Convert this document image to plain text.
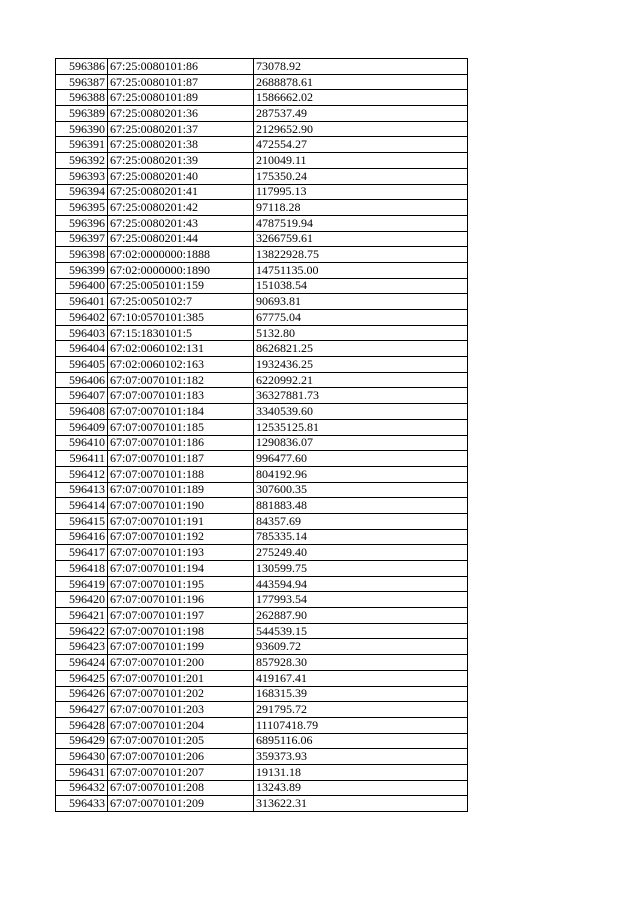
596386	67:25:0080101:86	73078.92
596387	67:25:0080101:87	2688878.61
596388	67:25:0080101:89	1586662.02
596389	67:25:0080201:36	287537.49
596390	67:25:0080201:37	2129652.90
596391	67:25:0080201:38	472554.27
596392	67:25:0080201:39	210049.11
596393	67:25:0080201:40	175350.24
596394	67:25:0080201:41	117995.13
596395	67:25:0080201:42	97118.28
596396	67:25:0080201:43	4787519.94
596397	67:25:0080201:44	3266759.61
596398	67:02:0000000:1888	13822928.75
596399	67:02:0000000:1890	14751135.00
596400	67:25:0050101:159	151038.54
596401	67:25:0050102:7	90693.81
596402	67:10:0570101:385	67775.04
596403	67:15:1830101:5	5132.80
596404	67:02:0060102:131	8626821.25
596405	67:02:0060102:163	1932436.25
596406	67:07:0070101:182	6220992.21
596407	67:07:0070101:183	36327881.73
596408	67:07:0070101:184	3340539.60
596409	67:07:0070101:185	12535125.81
596410	67:07:0070101:186	1290836.07
596411	67:07:0070101:187	996477.60
596412	67:07:0070101:188	804192.96
596413	67:07:0070101:189	307600.35
596414	67:07:0070101:190	881883.48
596415	67:07:0070101:191	84357.69
596416	67:07:0070101:192	785335.14
596417	67:07:0070101:193	275249.40
596418	67:07:0070101:194	130599.75
596419	67:07:0070101:195	443594.94
596420	67:07:0070101:196	177993.54
596421	67:07:0070101:197	262887.90
596422	67:07:0070101:198	544539.15
596423	67:07:0070101:199	93609.72
596424	67:07:0070101:200	857928.30
596425	67:07:0070101:201	419167.41
596426	67:07:0070101:202	168315.39
596427	67:07:0070101:203	291795.72
596428	67:07:0070101:204	11107418.79
596429	67:07:0070101:205	6895116.06
596430	67:07:0070101:206	359373.93
596431	67:07:0070101:207	19131.18
596432	67:07:0070101:208	13243.89
596433	67:07:0070101:209	313622.31
